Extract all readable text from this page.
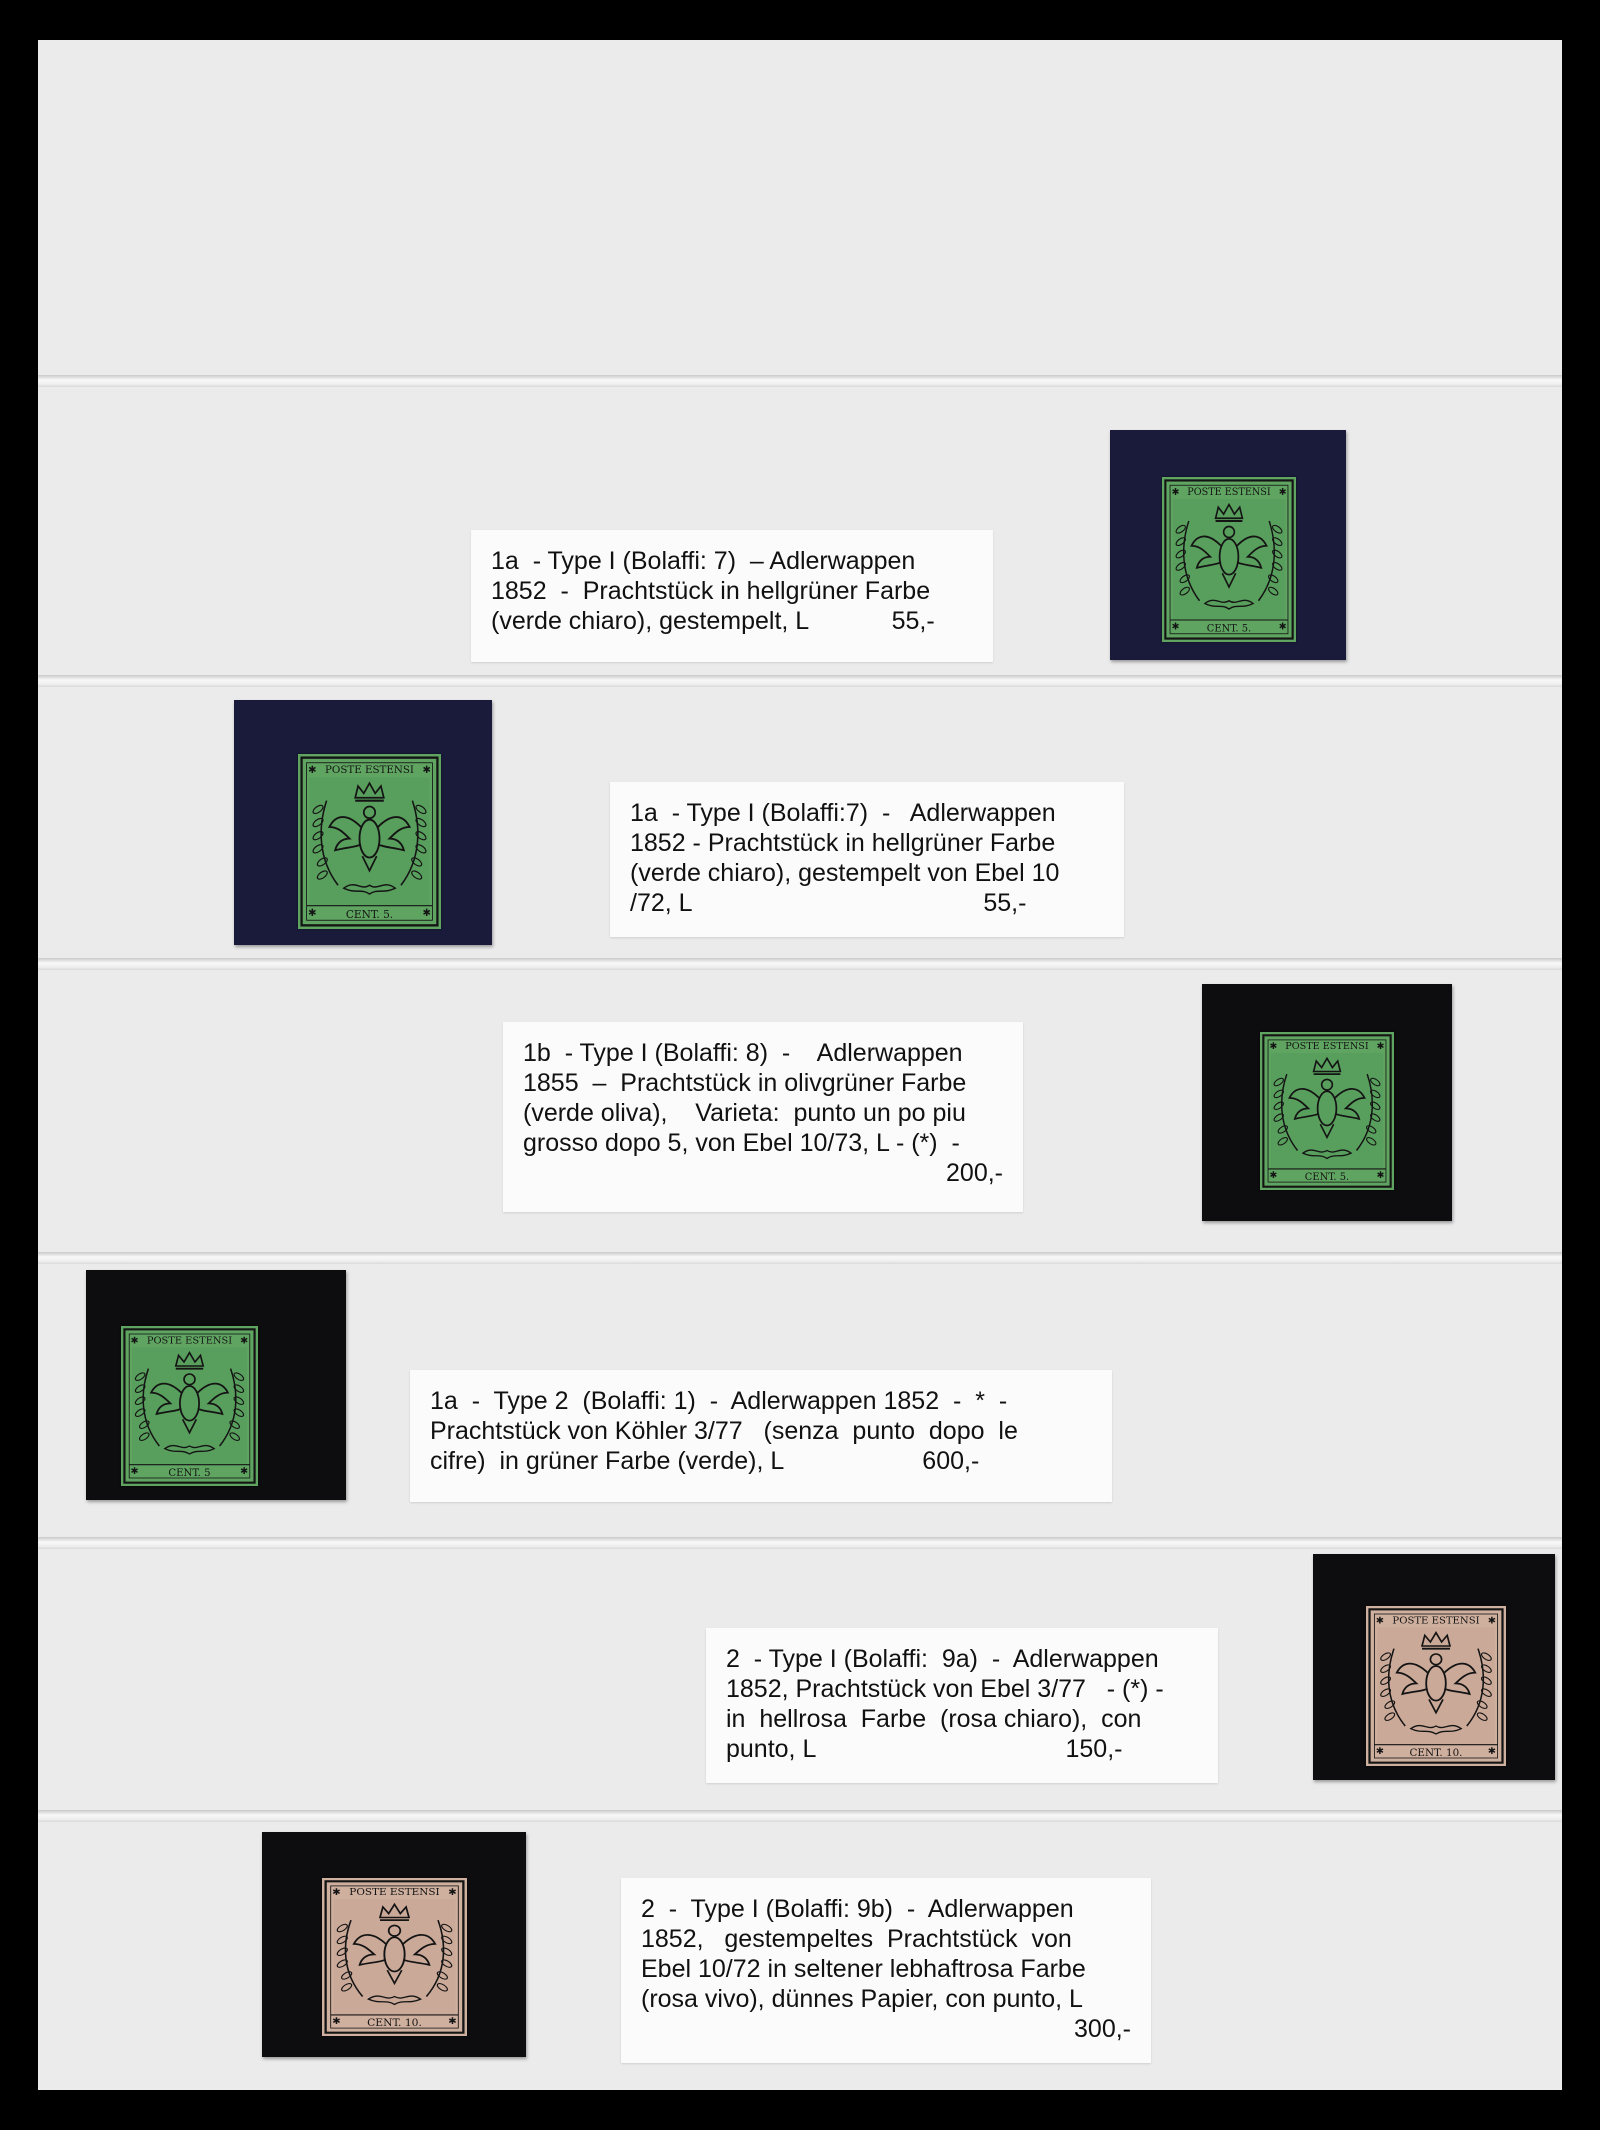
1a  - Type I (Bolaffi: 7)  – Adlerwappen
1852  -  Prachtstück in hellgrüner Farbe
(verde chiaro), gestempelt, L            55,-
✱	✱
✱	✱
POSTE ESTENSI
CENT. 5.
✱	✱
✱	✱
POSTE ESTENSI
CENT. 5.
1a  - Type I (Bolaffi:7)  -   Adlerwappen
1852 - Prachtstück in hellgrüner Farbe
(verde chiaro), gestempelt von Ebel 10
/72, L                                          55,-
1b  - Type I (Bolaffi: 8)  -    Adlerwappen
1855  –  Prachtstück in olivgrüner Farbe
(verde oliva),    Varieta:  punto un po piu
grosso dopo 5, von Ebel 10/73, L - (*)  -
200,-
✱	✱
✱	✱
POSTE ESTENSI
CENT. 5.
✱	✱
✱	✱
POSTE ESTENSI
CENT. 5
1a  -  Type 2  (Bolaffi: 1)  -  Adlerwappen 1852  -  *  -
Prachtstück von Köhler 3/77   (senza  punto  dopo  le
cifre)  in grüner Farbe (verde), L                    600,-
2  - Type I (Bolaffi:  9a)  -  Adlerwappen
1852, Prachtstück von Ebel 3/77   - (*) -
in  hellrosa  Farbe  (rosa chiaro),  con
punto, L                                    150,-
✱	✱
✱	✱
POSTE ESTENSI
CENT. 10.
✱	✱
✱	✱
POSTE ESTENSI
CENT. 10.
2  -  Type I (Bolaffi: 9b)  -  Adlerwappen
1852,   gestempeltes  Prachtstück  von
Ebel 10/72 in seltener lebhaftrosa Farbe
(rosa vivo), dünnes Papier, con punto, L
300,-
